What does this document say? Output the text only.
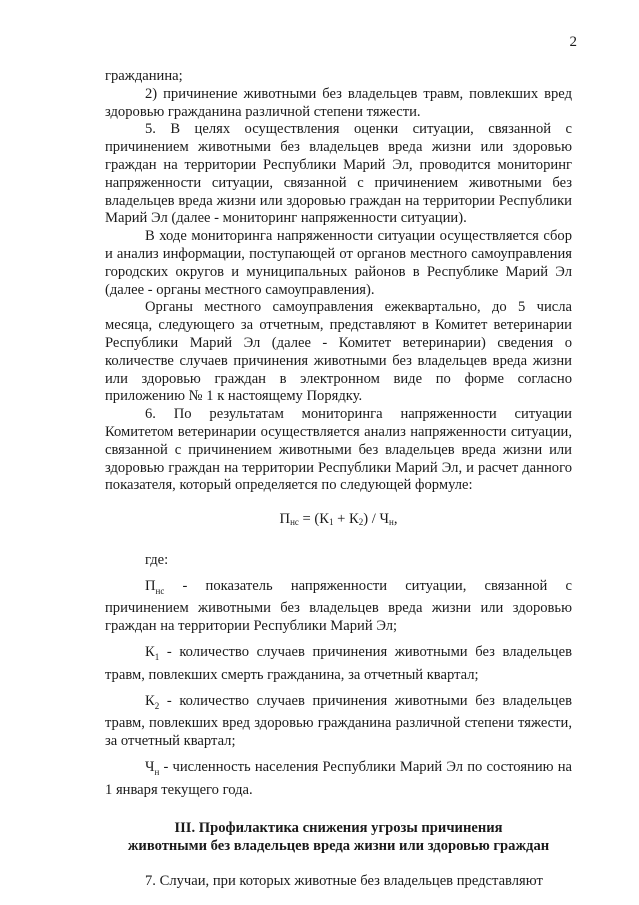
2

гражданина;

2) причинение животными без владельцев травм, повлекших вред здоровью гражданина различной степени тяжести.

5. В целях осуществления оценки ситуации, связанной с причинением животными без владельцев вреда жизни или здоровью граждан на территории Республики Марий Эл, проводится мониторинг напряженности ситуации, связанной с причинением животными без владельцев вреда жизни или здоровью граждан на территории Республики Марий Эл (далее - мониторинг напряженности ситуации).

В ходе мониторинга напряженности ситуации осуществляется сбор и анализ информации, поступающей от органов местного самоуправления городских округов и муниципальных районов в Республике Марий Эл (далее - органы местного самоуправления).

Органы местного самоуправления ежеквартально, до 5 числа месяца, следующего за отчетным, представляют в Комитет ветеринарии Республики Марий Эл (далее - Комитет ветеринарии) сведения о количестве случаев причинения животными без владельцев вреда жизни или здоровью граждан в электронном виде по форме согласно приложению № 1 к настоящему Порядку.

6. По результатам мониторинга напряженности ситуации Комитетом ветеринарии осуществляется анализ напряженности ситуации, связанной с причинением животными без владельцев вреда жизни или здоровью граждан на территории Республики Марий Эл, и расчет данного показателя, который определяется по следующей формуле:

$П_{нс} = (К_1 + К_2) / Ч_н$,

где:

$П_{нс}$ - показатель напряженности ситуации, связанной с причинением животными без владельцев вреда жизни или здоровью граждан на территории Республики Марий Эл;

$К_1$ - количество случаев причинения животными без владельцев травм, повлекших смерть гражданина, за отчетный квартал;

$К_2$ - количество случаев причинения животными без владельцев травм, повлекших вред здоровью гражданина различной степени тяжести, за отчетный квартал;

$Ч_н$ - численность населения Республики Марий Эл по состоянию на 1 января текущего года.

III. Профилактика снижения угрозы причинения
животными без владельцев вреда жизни или здоровью граждан

7. Случаи, при которых животные без владельцев представляют
